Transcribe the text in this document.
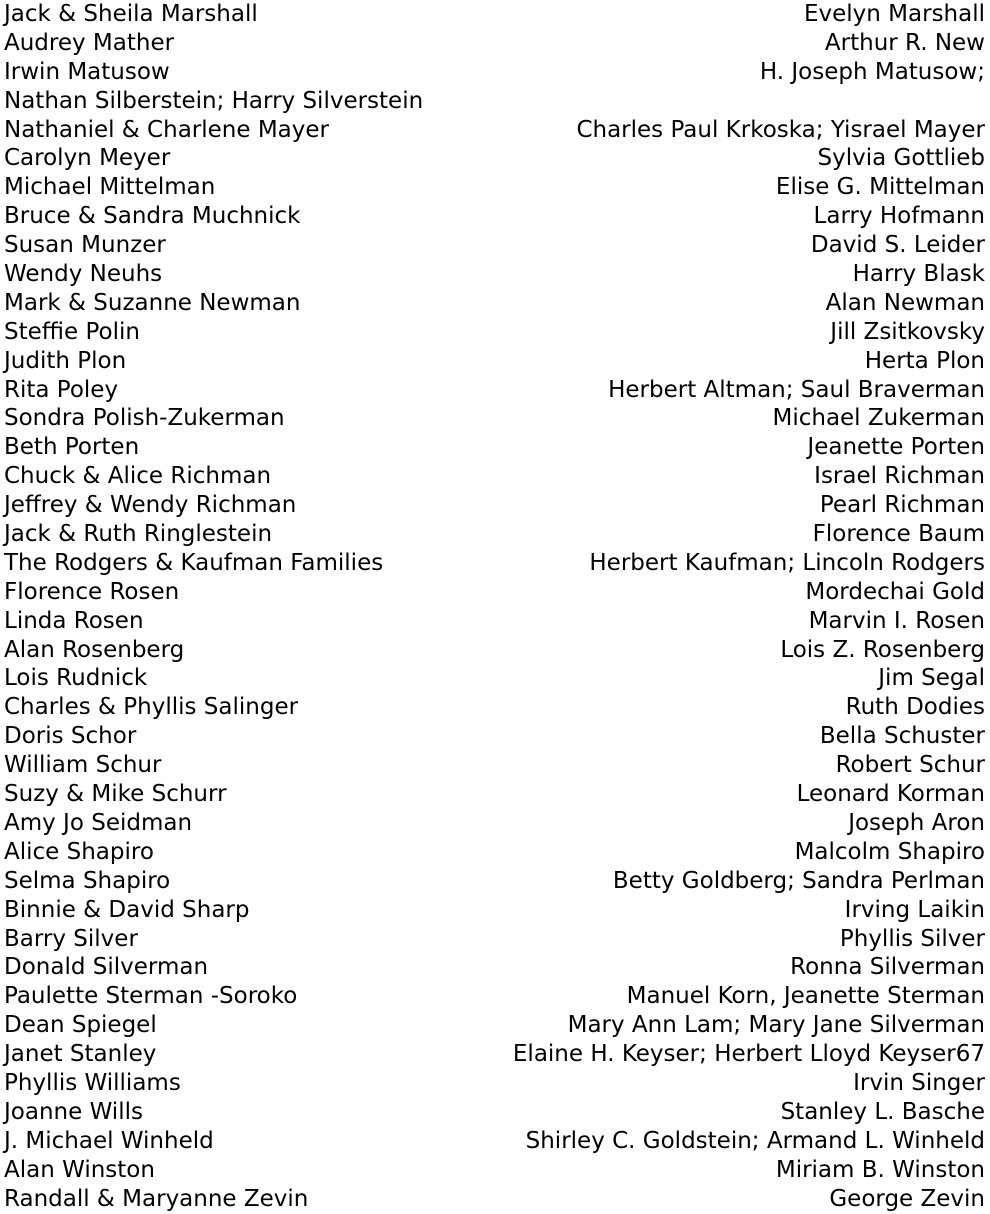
Jack & Sheila Marshall	Evelyn Marshall
Audrey Mather	Arthur R. New
Irwin Matusow	H. Joseph Matusow;
Nathan Silberstein; Harry Silverstein
Nathaniel & Charlene Mayer	Charles Paul Krkoska; Yisrael Mayer
Carolyn Meyer	Sylvia Gottlieb
Michael Mittelman	Elise G. Mittelman
Bruce & Sandra Muchnick	Larry Hofmann
Susan Munzer	David S. Leider
Wendy Neuhs	Harry Blask
Mark & Suzanne Newman	Alan Newman
Steffie Polin	Jill Zsitkovsky
Judith Plon	Herta Plon
Rita Poley	Herbert Altman; Saul Braverman
Sondra Polish-Zukerman	Michael Zukerman
Beth Porten	Jeanette Porten
Chuck & Alice Richman	Israel Richman
Jeffrey & Wendy Richman	Pearl Richman
Jack & Ruth Ringlestein	Florence Baum
The Rodgers & Kaufman Families	Herbert Kaufman; Lincoln Rodgers
Florence Rosen	Mordechai Gold
Linda Rosen	Marvin I. Rosen
Alan Rosenberg	Lois Z. Rosenberg
Lois Rudnick	Jim Segal
Charles & Phyllis Salinger	Ruth Dodies
Doris Schor	Bella Schuster
William Schur	Robert Schur
Suzy & Mike Schurr	Leonard Korman
Amy Jo Seidman	Joseph Aron
Alice Shapiro	Malcolm Shapiro
Selma Shapiro	Betty Goldberg; Sandra Perlman
Binnie & David Sharp	Irving Laikin
Barry Silver	Phyllis Silver
Donald Silverman	Ronna Silverman
Paulette Sterman -Soroko	Manuel Korn, Jeanette Sterman
Dean Spiegel	Mary Ann Lam; Mary Jane Silverman
Janet Stanley	Elaine H. Keyser; Herbert Lloyd Keyser67
Phyllis Williams	Irvin Singer
Joanne Wills	Stanley L. Basche
J. Michael Winheld	Shirley C. Goldstein; Armand L. Winheld
Alan Winston	Miriam B. Winston
Randall & Maryanne Zevin	George Zevin
